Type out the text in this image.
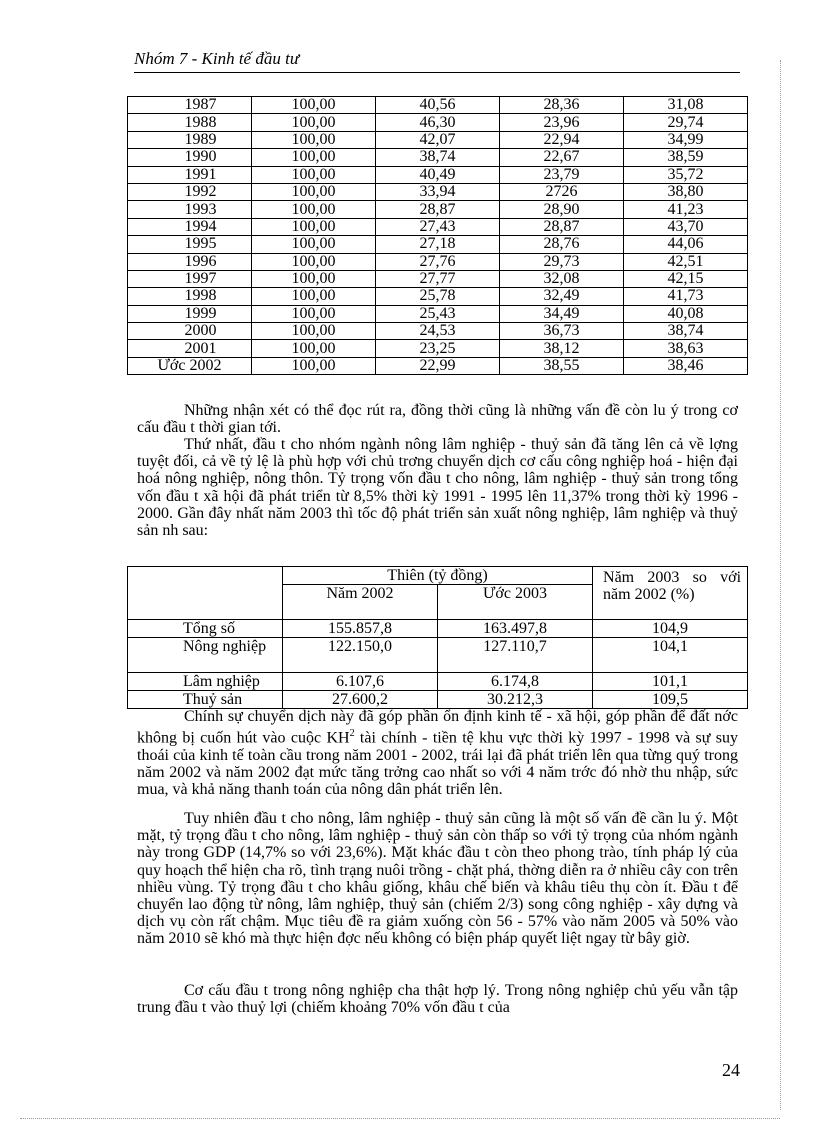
Nhóm 7 - Kinh tế đầu tư
1987	100,00	40,56	28,36	31,08
1988	100,00	46,30	23,96	29,74
1989	100,00	42,07	22,94	34,99
1990	100,00	38,74	22,67	38,59
1991	100,00	40,49	23,79	35,72
1992	100,00	33,94	2726	38,80
1993	100,00	28,87	28,90	41,23
1994	100,00	27,43	28,87	43,70
1995	100,00	27,18	28,76	44,06
1996	100,00	27,76	29,73	42,51
1997	100,00	27,77	32,08	42,15
1998	100,00	25,78	32,49	41,73
1999	100,00	25,43	34,49	40,08
2000	100,00	24,53	36,73	38,74
2001	100,00	23,25	38,12	38,63
Ước 2002	100,00	22,99	38,55	38,46

Những nhận xét có thể đọc rút ra, đồng thời cũng là những vấn đề còn lu ý trong cơ cấu đầu t thời gian tới.

Thứ nhất, đầu t cho nhóm ngành nông lâm nghiệp - thuỷ sản đã tăng lên cả về lợng tuyệt đối, cả về tỷ lệ là phù hợp với chủ trơng chuyển dịch cơ cấu công nghiệp hoá - hiện đại hoá nông nghiệp, nông thôn. Tỷ trọng vốn đầu t cho nông, lâm nghiệp - thuỷ sản trong tổng vốn đầu t xã hội đã phát triển từ 8,5% thời kỳ 1991 - 1995 lên 11,37% trong thời kỳ 1996 - 2000. Gần đây nhất năm 2003 thì tốc độ phát triển sản xuất nông nghiệp, lâm nghiệp và thuỷ sản nh sau:

	Thiên (tỷ đồng)		Năm 2003 so với năm 2002 (%)
	Năm 2002	Ước 2003	
Tổng số	155.857,8	163.497,8	104,9

Nông nghiệp	122.150,0	127.110,7	104,1
Lâm nghiệp	6.107,6	6.174,8	101,1
Thuỷ sản	27.600,2	30.212,3	109,5

Chính sự chuyển dịch này đã góp phần ổn định kinh tế - xã hội, góp phần để đất nớc không bị cuốn hút vào cuộc $KH^2$ tài chính - tiền tệ khu vực thời kỳ 1997 - 1998 và sự suy thoái của kinh tế toàn cầu trong năm 2001 - 2002, trái lại đã phát triển lên qua từng quý trong năm 2002 và năm 2002 đạt mức tăng trởng cao nhất so với 4 năm trớc đó nhờ thu nhập, sức mua, và khả năng thanh toán của nông dân phát triển lên.

Tuy nhiên đầu t cho nông, lâm nghiệp - thuỷ sản cũng là một số vấn đề cần lu ý. Một mặt, tỷ trọng đầu t cho nông, lâm nghiệp - thuỷ sản còn thấp so với tỷ trọng của nhóm ngành này trong GDP (14,7% so với 23,6%). Mặt khác đầu t còn theo phong trào, tính pháp lý của quy hoạch thể hiện cha rõ, tình trạng nuôi trồng - chặt phá, thờng diễn ra ở nhiều cây con trên nhiều vùng. Tỷ trọng đầu t cho khâu giống, khâu chế biến và khâu tiêu thụ còn ít. Đầu t để chuyển lao động từ nông, lâm nghiệp, thuỷ sản (chiếm 2/3) song công nghiệp - xây dựng và dịch vụ còn rất chậm. Mục tiêu đề ra giảm xuống còn 56 - 57% vào năm 2005 và 50% vào năm 2010 sẽ khó mà thực hiện đợc nếu không có biện pháp quyết liệt ngay từ bây giờ.

Cơ cấu đầu t trong nông nghiệp cha thật hợp lý. Trong nông nghiệp chủ yếu vẫn tập trung đầu t vào thuỷ lợi (chiếm khoảng 70% vốn đầu t của

24
